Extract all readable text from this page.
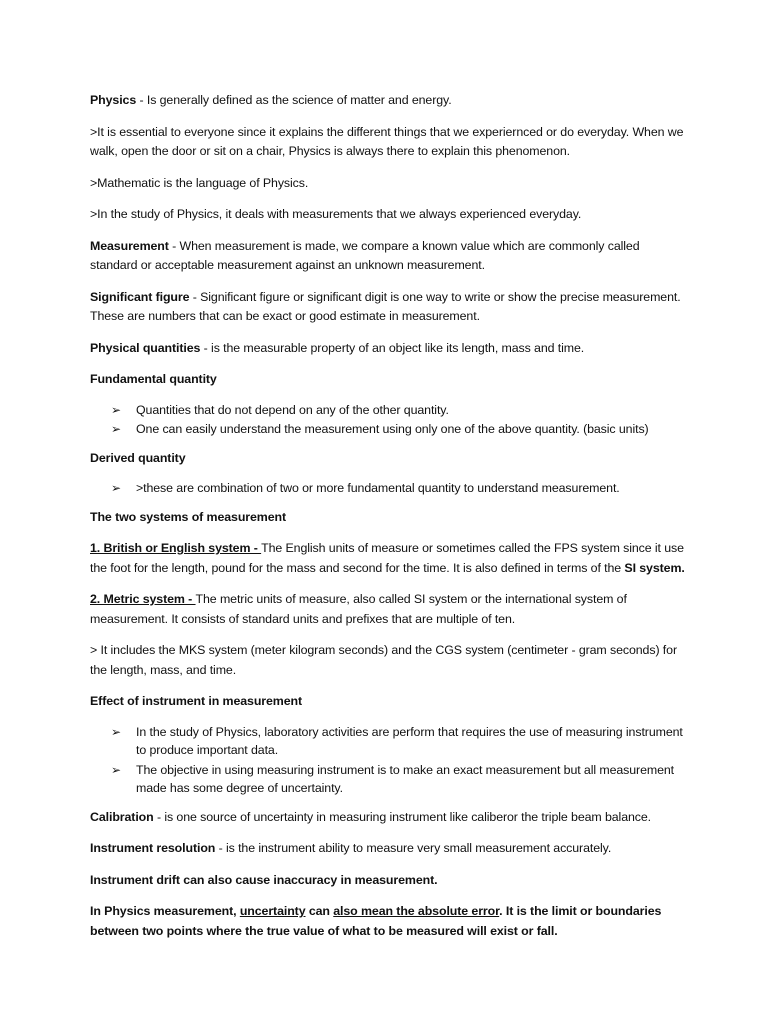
Physics - Is generally defined as the science of matter and energy.

>It is essential to everyone since it explains the different things that we experiernced or do everyday. When we walk, open the door or sit on a chair, Physics is always there to explain this phenomenon.

>Mathematic is the language of Physics.

>In the study of Physics, it deals with measurements that we always experienced everyday.

Measurement - When measurement is made, we compare a known value which are commonly called standard or acceptable measurement against an unknown measurement.

Significant figure - Significant figure or significant digit is one way to write or show the precise measurement. These are numbers that can be exact or good estimate in measurement.

Physical quantities - is the measurable property of an object like its length, mass and time.

Fundamental quantity

➢ Quantities that do not depend on any of the other quantity.
➢ One can easily understand the measurement using only one of the above quantity. (basic units)

Derived quantity

➢ >these are combination of two or more fundamental quantity to understand measurement.

The two systems of measurement

1. British or English system - The English units of measure or sometimes called the FPS system since it use the foot for the length, pound for the mass and second for the time. It is also defined in terms of the SI system.

2. Metric system - The metric units of measure, also called SI system or the international system of measurement. It consists of standard units and prefixes that are multiple of ten.

> It includes the MKS system (meter kilogram seconds) and the CGS system (centimeter - gram seconds) for the length, mass, and time.

Effect of instrument in measurement

➢ In the study of Physics, laboratory activities are perform that requires the use of measuring instrument to produce important data.
➢ The objective in using measuring instrument is to make an exact measurement but all measurement made has some degree of uncertainty.

Calibration - is one source of uncertainty in measuring instrument like caliberor the triple beam balance.

Instrument resolution - is the instrument ability to measure very small measurement accurately.

Instrument drift can also cause inaccuracy in measurement.

In Physics measurement, uncertainty can also mean the absolute error. It is the limit or boundaries between two points where the true value of what to be measured will exist or fall.
